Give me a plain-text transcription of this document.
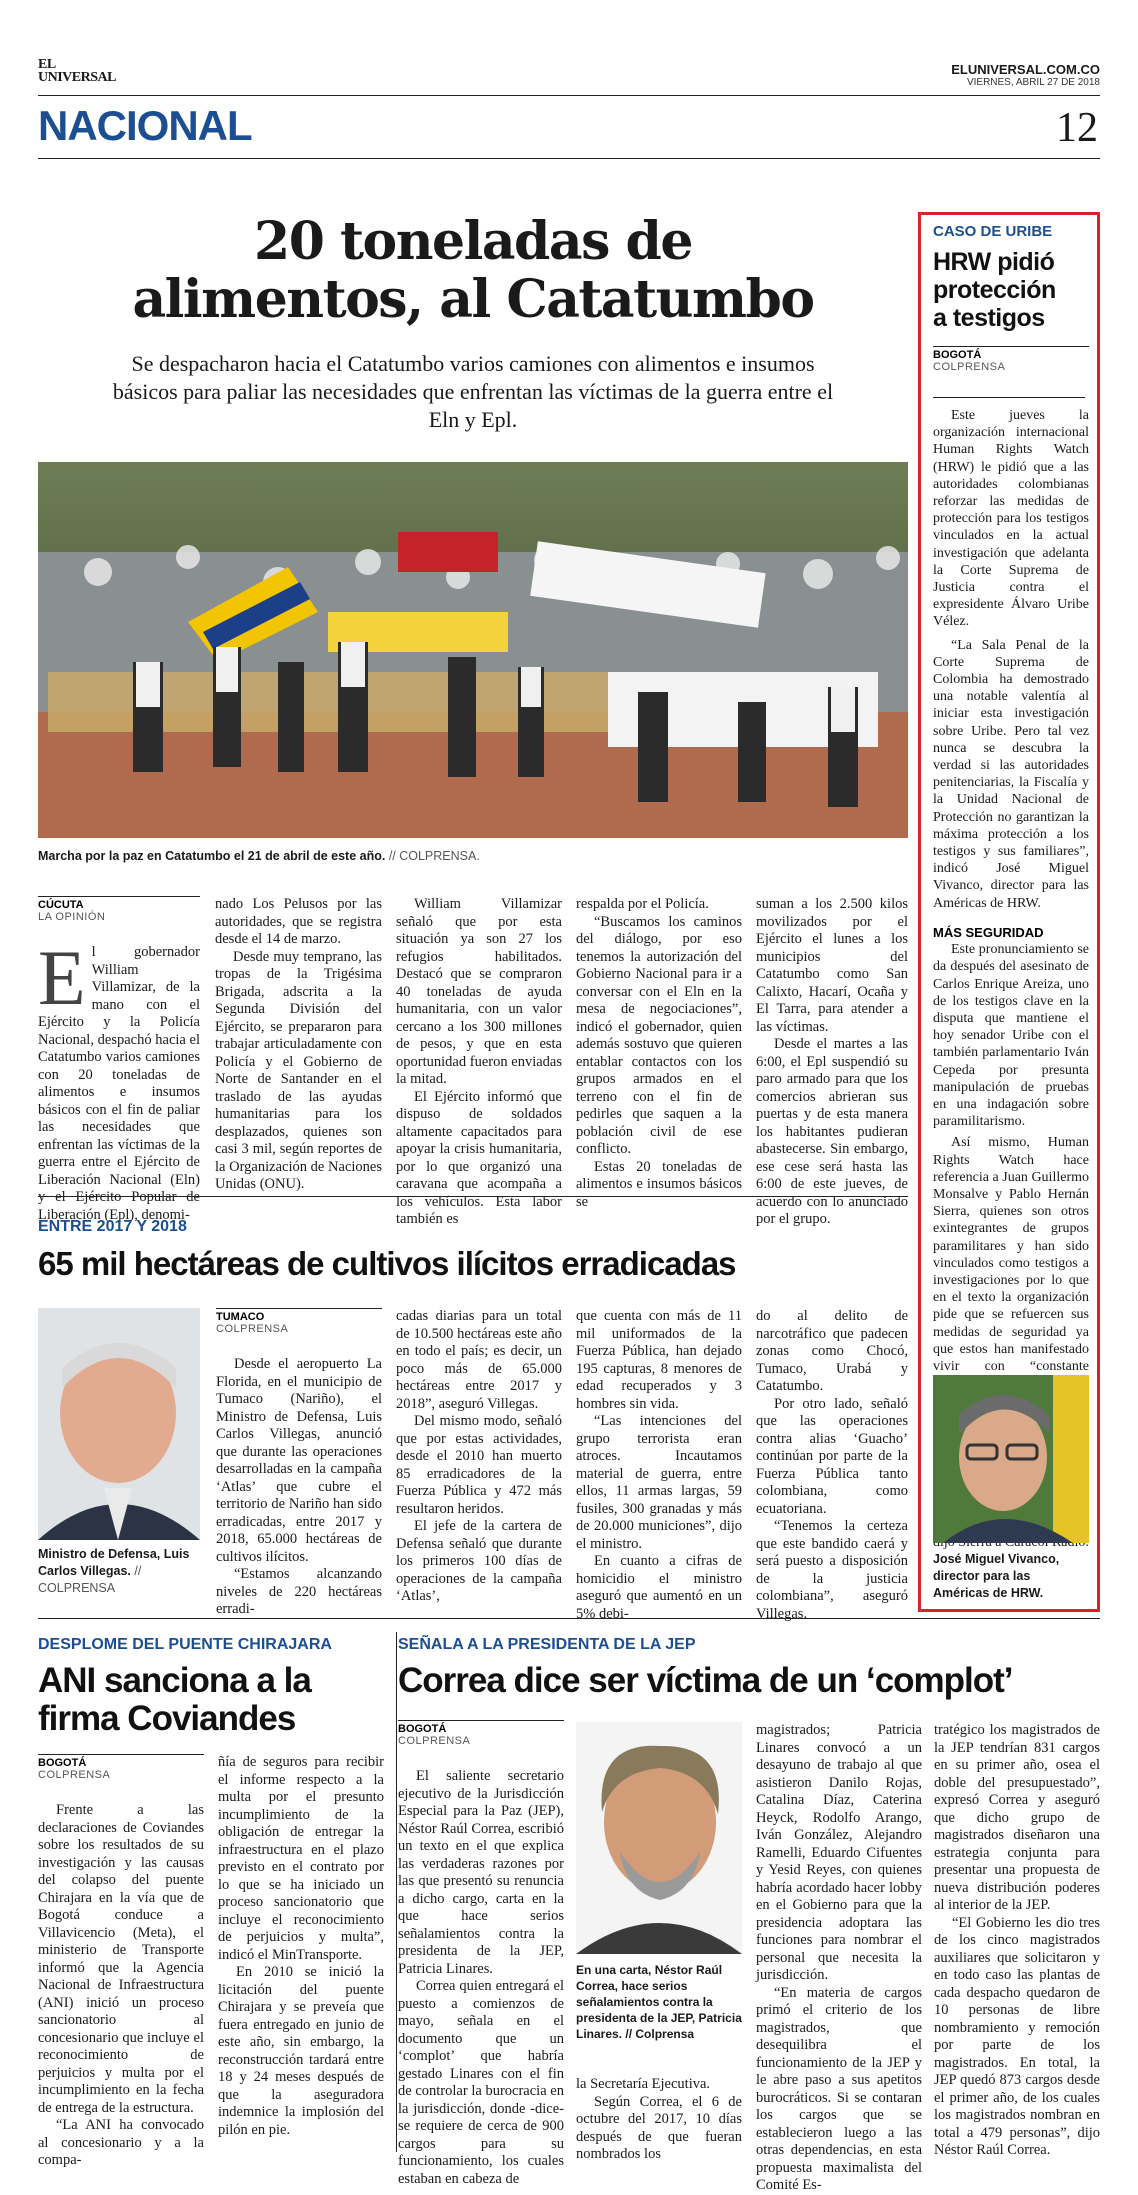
EL
UNIVERSAL
ELUNIVERSAL.COM.CO
VIERNES, ABRIL 27 DE 2018
NACIONAL	12
20 toneladas de
alimentos, al Catatumbo
Se despacharon hacia el Catatumbo varios camiones con alimentos e insumos básicos para paliar las necesidades que enfrentan las víctimas de la guerra entre el Eln y Epl.
Marcha por la paz en Catatumbo el 21 de abril de este año. // COLPRENSA.
CÚCUTA
LA OPINIÓN
E l gobernador William Villamizar, de la mano con el Ejército y la Policía Nacional, despachó hacia el Catatumbo varios camiones con 20 toneladas de alimentos e insumos básicos con el fin de paliar las necesidades que enfrentan las víctimas de la guerra entre el Ejército de Liberación Nacional (Eln) y el Ejército Popular de Liberación (Epl), denomi-

nado Los Pelusos por las autoridades, que se registra desde el 14 de marzo.

Desde muy temprano, las tropas de la Trigésima Brigada, adscrita a la Segunda División del Ejército, se prepararon para trabajar articuladamente con Policía y el Gobierno de Norte de Santander en el traslado de las ayudas humanitarias para los desplazados, quienes son casi 3 mil, según reportes de la Organización de Naciones Unidas (ONU).

William Villamizar señaló que por esta situación ya son 27 los refugios habilitados. Destacó que se compraron 40 toneladas de ayuda humanitaria, con un valor cercano a los 300 millones de pesos, y que en esta oportunidad fueron enviadas la mitad.

El Ejército informó que dispuso de soldados altamente capacitados para apoyar la crisis humanitaria, por lo que organizó una caravana que acompaña a los vehículos. Esta labor también es

respalda por el Policía.

“Buscamos los caminos del diálogo, por eso tenemos la autorización del Gobierno Nacional para ir a conversar con el Eln en la mesa de negociaciones”, indicó el gobernador, quien además sostuvo que quieren entablar contactos con los grupos armados en el terreno con el fin de pedirles que saquen a la población civil de ese conflicto.

Estas 20 toneladas de alimentos e insumos básicos se

suman a los 2.500 kilos movilizados por el Ejército el lunes a los municipios del Catatumbo como San Calixto, Hacarí, Ocaña y El Tarra, para atender a las víctimas.

Desde el martes a las 6:00, el Epl suspendió su paro armado para que los comercios abrieran sus puertas y de esta manera los habitantes pudieran abastecerse. Sin embargo, ese cese será hasta las 6:00 de este jueves, de acuerdo con lo anunciado por el grupo.

CASO DE URIBE
HRW pidió
protección
a testigos
BOGOTÁ
COLPRENSA

Este jueves la organización internacional Human Rights Watch (HRW) le pidió que a las autoridades colombianas reforzar las medidas de protección para los testigos vinculados en la actual investigación que adelanta la Corte Suprema de Justicia contra el expresidente Álvaro Uribe Vélez.

“La Sala Penal de la Corte Suprema de Colombia ha demostrado una notable valentía al iniciar esta investigación sobre Uribe. Pero tal vez nunca se descubra la verdad si las autoridades penitenciarias, la Fiscalía y la Unidad Nacional de Protección no garantizan la máxima protección a los testigos y sus familiares”, indicó José Miguel Vivanco, director para las Américas de HRW.

MÁS SEGURIDAD

Este pronunciamiento se da después del asesinato de Carlos Enrique Areiza, uno de los testigos clave en la disputa que mantiene el hoy senador Uribe con el también parlamentario Iván Cepeda por presunta manipulación de pruebas en una indagación sobre paramilitarismo.

Así mismo, Human Rights Watch hace referencia a Juan Guillermo Monsalve y Pablo Hernán Sierra, quienes son otros exintegrantes de grupos paramilitares y han sido vinculados como testigos a investigaciones por lo que en el texto la organización pide que se refuercen sus medidas de seguridad ya que estos han manifestado vivir con “constante

José Miguel Vivanco, director para las Américas de HRW.
ENTRE 2017 Y 2018
65 mil hectáreas de cultivos ilícitos erradicadas
Ministro de Defensa, Luis Carlos Villegas. // COLPRENSA
TUMACO
COLPRENSA

Desde el aeropuerto La Florida, en el municipio de Tumaco (Nariño), el Ministro de Defensa, Luis Carlos Villegas, anunció que durante las operaciones desarrolladas en la campaña ‘Atlas’ que cubre el territorio de Nariño han sido erradicadas, entre 2017 y 2018, 65.000 hectáreas de cultivos ilícitos.

“Estamos alcanzando niveles de 220 hectáreas erradi-

cadas diarias para un total de 10.500 hectáreas este año en todo el país; es decir, un poco más de 65.000 hectáreas entre 2017 y 2018”, aseguró Villegas.

Del mismo modo, señaló que por estas actividades, desde el 2010 han muerto 85 erradicadores de la Fuerza Pública y 472 más resultaron heridos.

El jefe de la cartera de Defensa señaló que durante los primeros 100 días de operaciones de la campaña ‘Atlas’,

que cuenta con más de 11 mil uniformados de la Fuerza Pública, han dejado 195 capturas, 8 menores de edad recuperados y 3 hombres sin vida.

“Las intenciones del grupo terrorista eran atroces. Incautamos material de guerra, entre ellos, 11 armas largas, 59 fusiles, 300 granadas y más de 20.000 municiones”, dijo el ministro.

En cuanto a cifras de homicidio el ministro aseguró que aumentó en un 5% debi-

do al delito de narcotráfico que padecen zonas como Chocó, Tumaco, Urabá y Catatumbo.

Por otro lado, señaló que las operaciones contra alias ‘Guacho’ continúan por parte de la Fuerza Pública tanto colombiana, como ecuatoriana.

“Tenemos la certeza que este bandido caerá y será puesto a disposición de la justicia colombiana”, aseguró Villegas.

DESPLOME DEL PUENTE CHIRAJARA
ANI sanciona a la
firma Coviandes
BOGOTÁ
COLPRENSA

Frente a las declaraciones de Coviandes sobre los resultados de su investigación y las causas del colapso del puente Chirajara en la vía que de Bogotá conduce a Villavicencio (Meta), el ministerio de Transporte informó que la Agencia Nacional de Infraestructura (ANI) inició un proceso sancionatorio al concesionario que incluye el reconocimiento de perjuicios y multa por el incumplimiento en la fecha de entrega de la estructura.

“La ANI ha convocado al concesionario y a la compa-

ñía de seguros para recibir el informe respecto a la multa por el presunto incumplimiento de la obligación de entregar la infraestructura en el plazo previsto en el contrato por lo que se ha iniciado un proceso sancionatorio que incluye el reconocimiento de perjuicios y multa”, indicó el MinTransporte.

En 2010 se inició la licitación del puente Chirajara y se preveía que fuera entregado en junio de este año, sin embargo, la reconstrucción tardará entre 18 y 24 meses después de que la aseguradora indemnice la implosión del pilón en pie.

SEÑALA A LA PRESIDENTA DE LA JEP
Correa dice ser víctima de un ‘complot’
BOGOTÁ
COLPRENSA

El saliente secretario ejecutivo de la Jurisdicción Especial para la Paz (JEP), Néstor Raúl Correa, escribió un texto en el que explica las verdaderas razones por las que presentó su renuncia a dicho cargo, carta en la que hace serios señalamientos contra la presidenta de la JEP, Patricia Linares.

Correa quien entregará el puesto a comienzos de mayo, señala en el documento que un ‘complot’ que habría gestado Linares con el fin de controlar la burocracia en la jurisdicción, donde -dice- se requiere de cerca de 900 cargos para su funcionamiento, los cuales estaban en cabeza de

En una carta, Néstor Raúl Correa, hace serios señalamientos contra la presidenta de la JEP, Patricia Linares. // Colprensa

la Secretaría Ejecutiva.

Según Correa, el 6 de octubre del 2017, 10 días después de que fueran nombrados los

magistrados; Patricia Linares convocó a un desayuno de trabajo al que asistieron Danilo Rojas, Catalina Díaz, Caterina Heyck, Rodolfo Arango, Iván González, Alejandro Ramelli, Eduardo Cifuentes y Yesid Reyes, con quienes habría acordado hacer lobby en el Gobierno para que la presidencia adoptara las funciones para nombrar el personal que necesita la jurisdicción.

“En materia de cargos primó el criterio de los magistrados, que desequilibra el funcionamiento de la JEP y le abre paso a sus apetitos burocráticos. Si se contaran los cargos que se establecieron luego a las otras dependencias, en esta propuesta maximalista del Comité Es-

tratégico los magistrados de la JEP tendrían 831 cargos en su primer año, osea el doble del presupuestado”, expresó Correa y aseguró que dicho grupo de magistrados diseñaron una estrategia conjunta para presentar una propuesta de nueva distribución poderes al interior de la JEP.

“El Gobierno les dio tres de los cinco magistrados auxiliares que solicitaron y en todo caso las plantas de cada despacho quedaron de 10 personas de libre nombramiento y remoción por parte de los magistrados. En total, la JEP quedó 873 cargos desde el primer año, de los cuales los magistrados nombran en total a 479 personas”, dijo Néstor Raúl Correa.
